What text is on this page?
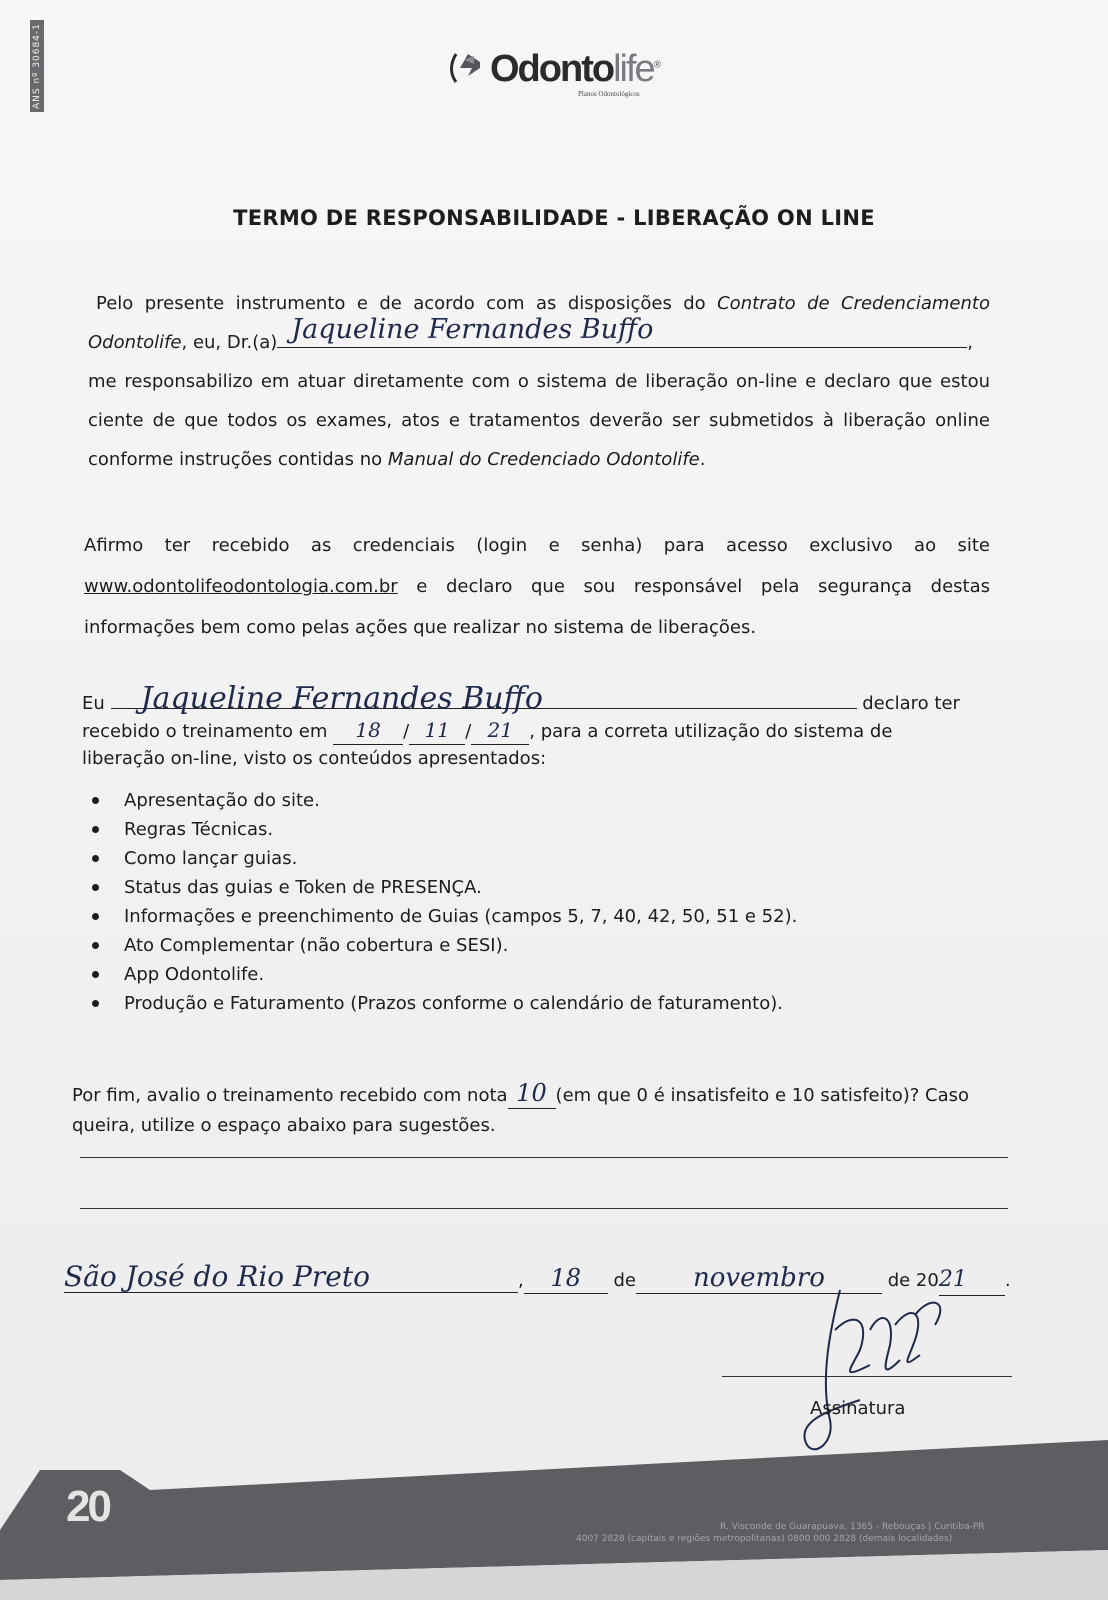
ANS nº 30684-1	Odontolife®
Planos Odontológicos
TERMO DE RESPONSABILIDADE - LIBERAÇÃO ON LINE
Pelo presente instrumento e de acordo com as disposições do Contrato de Credenciamento
Odontolife, eu, Dr.(a) Jaqueline Fernandes Buffo	,
me responsabilizo em atuar diretamente com o sistema de liberação on-line e declaro que estou
ciente de que todos os exames, atos e tratamentos deverão ser submetidos à liberação online
conforme instruções contidas no Manual do Credenciado Odontolife.
Afirmo ter recebido as credenciais (login e senha) para acesso exclusivo ao site
www.odontolifeodontologia.com.br e declaro que sou responsável pela segurança destas
informações bem como pelas ações que realizar no sistema de liberações.
Eu Jaqueline Fernandes Buffo	declaro ter
recebido o treinamento em 18 / 11 / 21 , para a correta utilização do sistema de
liberação on-line, visto os conteúdos apresentados:
Apresentação do site.
Regras Técnicas.
Como lançar guias.
Status das guias e Token de PRESENÇA.
Informações e preenchimento de Guias (campos 5, 7, 40, 42, 50, 51 e 52).
Ato Complementar (não cobertura e SESI).
App Odontolife.
Produção e Faturamento (Prazos conforme o calendário de faturamento).
Por fim, avalio o treinamento recebido com nota 10 (em que 0 é insatisfeito e 10 satisfeito)? Caso
queira, utilize o espaço abaixo para sugestões.
São José do Rio Preto	, 18 de novembro	de 2021 .
Assinatura
20	R. Visconde de Guarapuava, 1365 - Rebouças | Curitiba-PR
4007 2828 (capitais e regiões metropolitanas) 0800 000 2828 (demais localidades)
